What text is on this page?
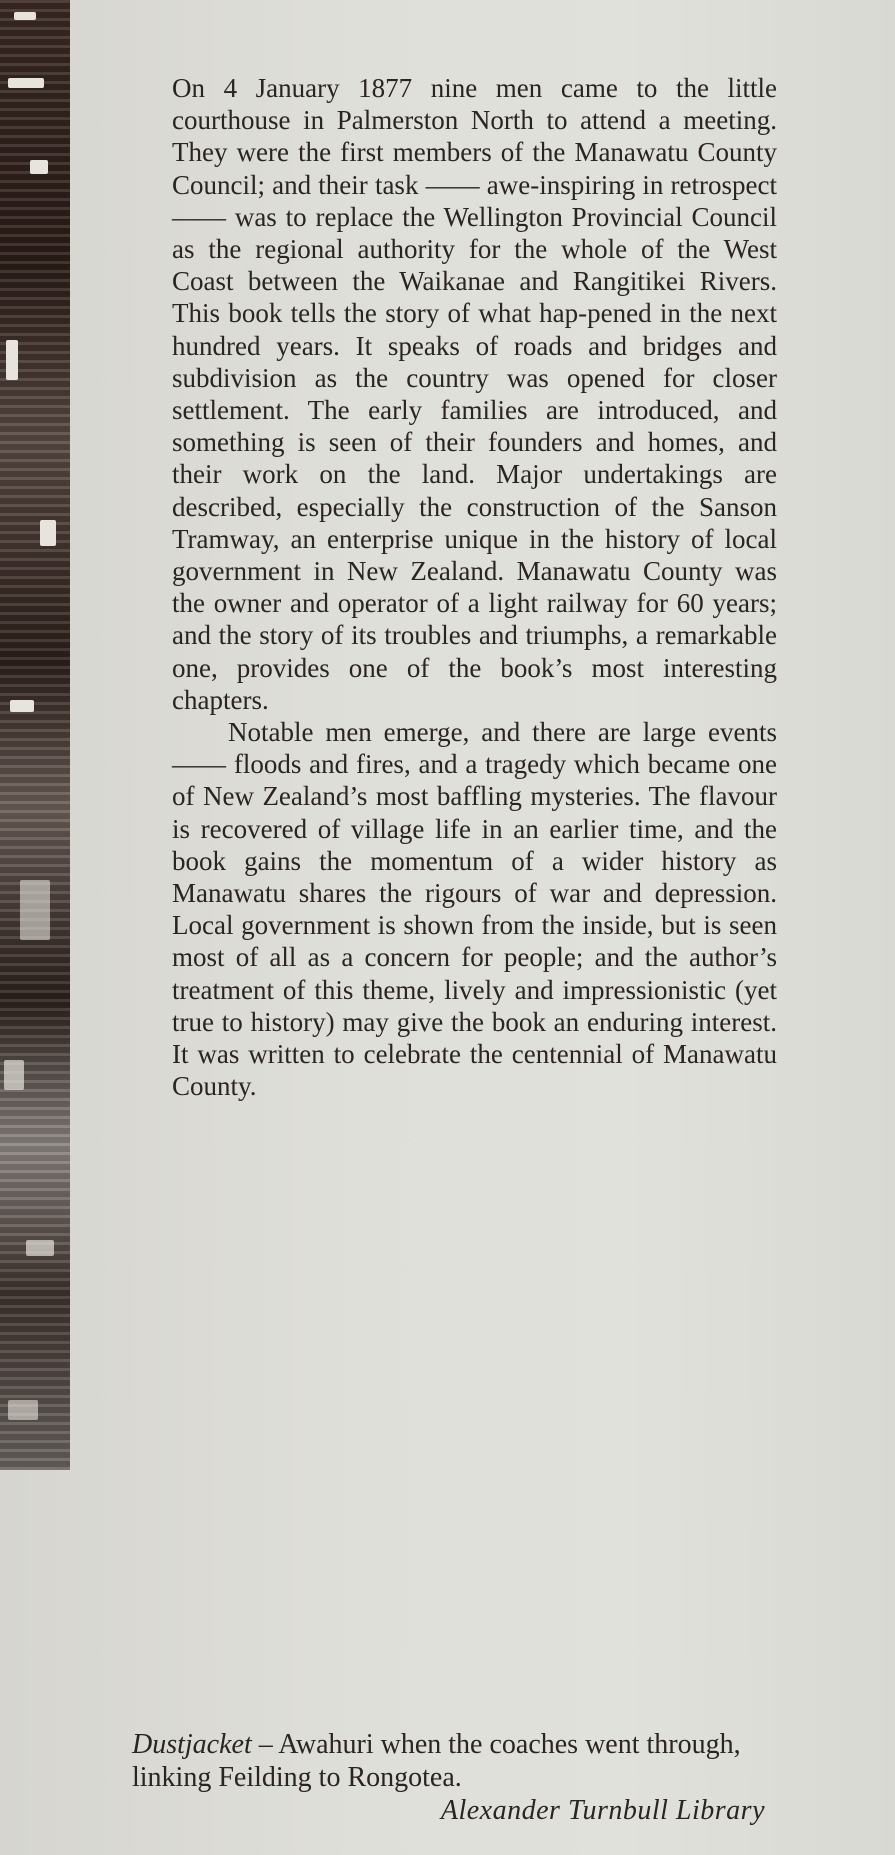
On 4 January 1877 nine men came to the little courthouse in Palmerston North to attend a meeting. They were the first members of the Manawatu County Council; and their task —— awe-inspiring in retrospect —— was to replace the Wellington Provincial Council as the regional authority for the whole of the West Coast between the Waikanae and Rangitikei Rivers. This book tells the story of what hap-pened in the next hundred years. It speaks of roads and bridges and subdivision as the country was opened for closer settlement. The early families are introduced, and something is seen of their founders and homes, and their work on the land. Major undertakings are described, especially the construction of the Sanson Tramway, an enterprise unique in the history of local government in New Zealand. Manawatu County was the owner and operator of a light railway for 60 years; and the story of its troubles and triumphs, a remarkable one, provides one of the book’s most interesting chapters.

Notable men emerge, and there are large events —— floods and fires, and a tragedy which became one of New Zealand’s most baffling mysteries. The flavour is recovered of village life in an earlier time, and the book gains the momentum of a wider history as Manawatu shares the rigours of war and depression. Local government is shown from the inside, but is seen most of all as a concern for people; and the author’s treatment of this theme, lively and impressionistic (yet true to history) may give the book an enduring interest. It was written to celebrate the centennial of Manawatu County.

Dustjacket – Awahuri when the coaches went through, linking Feilding to Rongotea.
Alexander Turnbull Library
